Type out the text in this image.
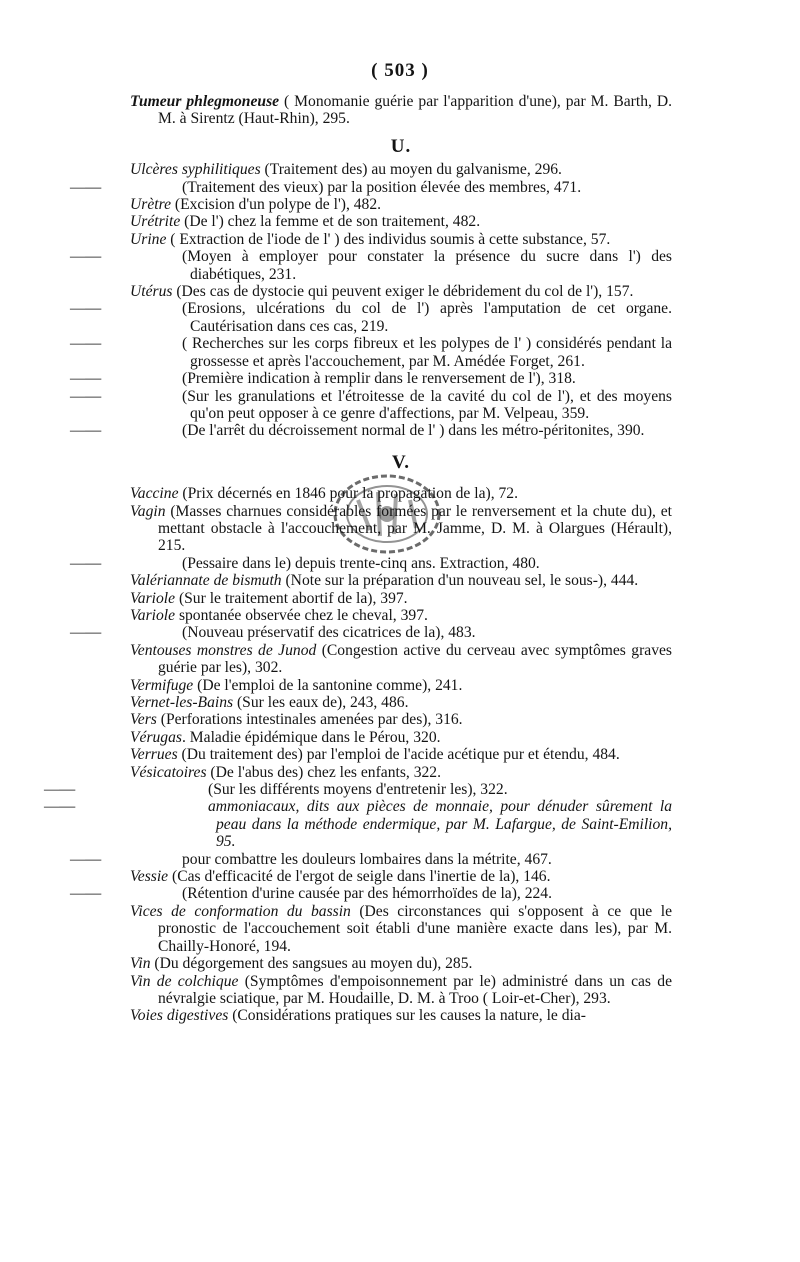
( 503 )

Tumeur phlegmoneuse ( Monomanie guérie par l'apparition d'une), par M. Barth, D. M. à Sirentz (Haut-Rhin), 295.

U.

Ulcères syphilitiques (Traitement des) au moyen du galvanisme, 296.

——	(Traitement des vieux) par la position élevée des membres, 471.

Urètre (Excision d'un polype de l'), 482.

Urétrite (De l') chez la femme et de son traitement, 482.

Urine ( Extraction de l'iode de l' ) des individus soumis à cette substance, 57.

——	(Moyen à employer pour constater la présence du sucre dans l') des diabétiques, 231.

Utérus (Des cas de dystocie qui peuvent exiger le débridement du col de l'), 157.

——	(Erosions, ulcérations du col de l') après l'amputation de cet organe. Cautérisation dans ces cas, 219.

——	( Recherches sur les corps fibreux et les polypes de l' ) considérés pendant la grossesse et après l'accouchement, par M. Amédée Forget, 261.

——	(Première indication à remplir dans le renversement de l'), 318.

——	(Sur les granulations et l'étroitesse de la cavité du col de l'), et des moyens qu'on peut opposer à ce genre d'affections, par M. Velpeau, 359.

——	(De l'arrêt du décroissement normal de l' ) dans les métro-péritonites, 390.

V.

Vaccine (Prix décernés en 1846 pour la propagation de la), 72.

Vagin (Masses charnues considérables formées par le renversement et la chute du), et mettant obstacle à l'accouchement, par M. Jamme, D. M. à Olargues (Hérault), 215.

——	(Pessaire dans le) depuis trente-cinq ans. Extraction, 480.

Valériannate de bismuth (Note sur la préparation d'un nouveau sel, le sous-), 444.

Variole (Sur le traitement abortif de la), 397.

Variole spontanée observée chez le cheval, 397.

——	(Nouveau préservatif des cicatrices de la), 483.

Ventouses monstres de Junod (Congestion active du cerveau avec symptômes graves guérie par les), 302.

Vermifuge (De l'emploi de la santonine comme), 241.

Vernet-les-Bains (Sur les eaux de), 243, 486.

Vers (Perforations intestinales amenées par des), 316.

Vérugas. Maladie épidémique dans le Pérou, 320.

Verrues (Du traitement des) par l'emploi de l'acide acétique pur et étendu, 484.

Vésicatoires (De l'abus des) chez les enfants, 322.

——	(Sur les différents moyens d'entretenir les), 322.

——	ammoniacaux, dits aux pièces de monnaie, pour dénuder sûrement la peau dans la méthode endermique, par M. Lafargue, de Saint-Emilion, 95.

——	pour combattre les douleurs lombaires dans la métrite, 467.

Vessie (Cas d'efficacité de l'ergot de seigle dans l'inertie de la), 146.

——	(Rétention d'urine causée par des hémorrhoïdes de la), 224.

Vices de conformation du bassin (Des circonstances qui s'opposent à ce que le pronostic de l'accouchement soit établi d'une manière exacte dans les), par M. Chailly-Honoré, 194.

Vin (Du dégorgement des sangsues au moyen du), 285.

Vin de colchique (Symptômes d'empoisonnement par le) administré dans un cas de névralgie sciatique, par M. Houdaille, D. M. à Troo ( Loir-et-Cher), 293.

Voies digestives (Considérations pratiques sur les causes la nature, le dia-
